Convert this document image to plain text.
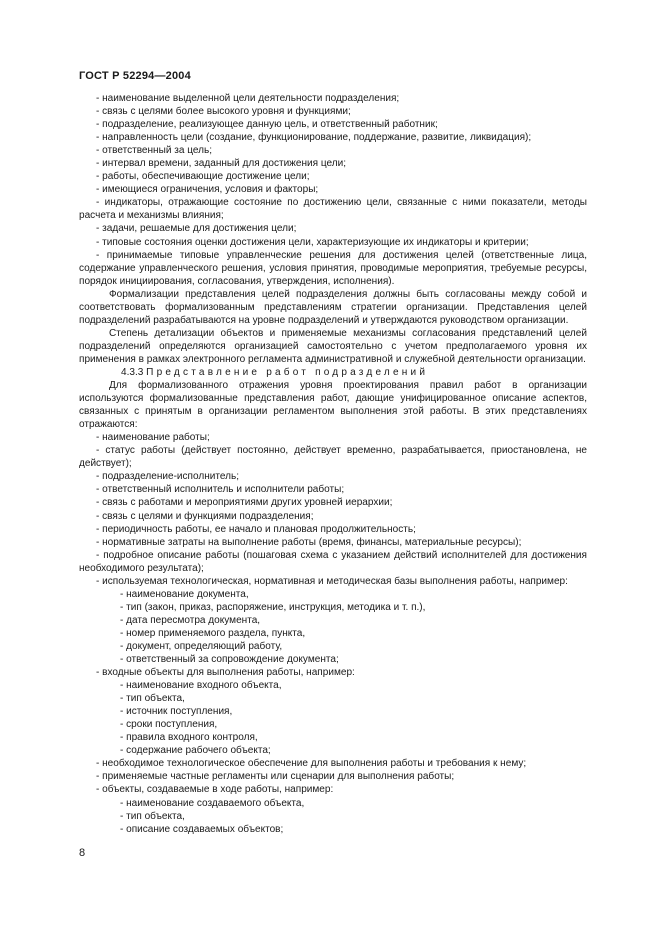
ГОСТ Р 52294—2004

- наименование выделенной цели деятельности подразделения;

- связь с целями более высокого уровня и функциями;

- подразделение, реализующее данную цель, и ответственный работник;

- направленность цели (создание, функционирование, поддержание, развитие, ликвидация);

- ответственный за цель;

- интервал времени, заданный для достижения цели;

- работы, обеспечивающие достижение цели;

- имеющиеся ограничения, условия и факторы;

- индикаторы, отражающие состояние по достижению цели, связанные с ними показатели, методы расчета и механизмы влияния;

- задачи, решаемые для достижения цели;

- типовые состояния оценки достижения цели, характеризующие их индикаторы и критерии;

- принимаемые типовые управленческие решения для достижения целей (ответственные лица, содержание управленческого решения, условия принятия, проводимые мероприятия, требуемые ресурсы, порядок инициирования, согласования, утверждения, исполнения).

Формализации представления целей подразделения должны быть согласованы между собой и соответствовать формализованным представлениям стратегии организации. Представления целей подразделений разрабатываются на уровне подразделений и утверждаются руководством организации.

Степень детализации объектов и применяемые механизмы согласования представлений целей подразделений определяются организацией самостоятельно с учетом предполагаемого уровня их применения в рамках электронного регламента административной и служебной деятельности организации.

4.3.3 Представление работ подразделений

Для формализованного отражения уровня проектирования правил работ в организации используются формализованные представления работ, дающие унифицированное описание аспектов, связанных с принятым в организации регламентом выполнения этой работы. В этих представлениях отражаются:

- наименование работы;

- статус работы (действует постоянно, действует временно, разрабатывается, приостановлена, не действует);

- подразделение-исполнитель;

- ответственный исполнитель и исполнители работы;

- связь с работами и мероприятиями других уровней иерархии;

- связь с целями и функциями подразделения;

- периодичность работы, ее начало и плановая продолжительность;

- нормативные затраты на выполнение работы (время, финансы, материальные ресурсы);

- подробное описание работы (пошаговая схема с указанием действий исполнителей для достижения необходимого результата);

- используемая технологическая, нормативная и методическая базы выполнения работы, например:

- наименование документа,

- тип (закон, приказ, распоряжение, инструкция, методика и т. п.),

- дата пересмотра документа,

- номер применяемого раздела, пункта,

- документ, определяющий работу,

- ответственный за сопровождение документа;

- входные объекты для выполнения работы, например:

- наименование входного объекта,

- тип объекта,

- источник поступления,

- сроки поступления,

- правила входного контроля,

- содержание рабочего объекта;

- необходимое технологическое обеспечение для выполнения работы и требования к нему;

- применяемые частные регламенты или сценарии для выполнения работы;

- объекты, создаваемые в ходе работы, например:

- наименование создаваемого объекта,

- тип объекта,

- описание создаваемых объектов;

8
